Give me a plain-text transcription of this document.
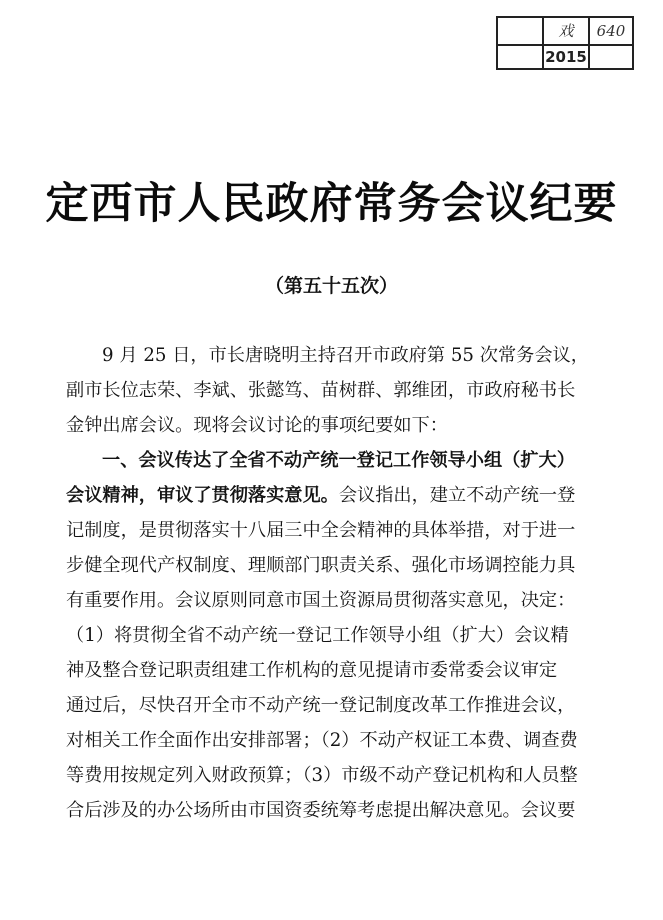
戏	640
2015
定西市人民政府常务会议纪要
（第五十五次）
9 月 25 日，市长唐晓明主持召开市政府第 55 次常务会议，
副市长位志荣、李斌、张懿笃、苗树群、郭维团，市政府秘书长
金钟出席会议。现将会议讨论的事项纪要如下：
一、会议传达了全省不动产统一登记工作领导小组（扩大）
会议精神，审议了贯彻落实意见。会议指出，建立不动产统一登
记制度，是贯彻落实十八届三中全会精神的具体举措，对于进一
步健全现代产权制度、理顺部门职责关系、强化市场调控能力具
有重要作用。会议原则同意市国土资源局贯彻落实意见，决定：
（1）将贯彻全省不动产统一登记工作领导小组（扩大）会议精
神及整合登记职责组建工作机构的意见提请市委常委会议审定
通过后，尽快召开全市不动产统一登记制度改革工作推进会议，
对相关工作全面作出安排部署；（2）不动产权证工本费、调查费
等费用按规定列入财政预算；（3）市级不动产登记机构和人员整
合后涉及的办公场所由市国资委统筹考虑提出解决意见。会议要
